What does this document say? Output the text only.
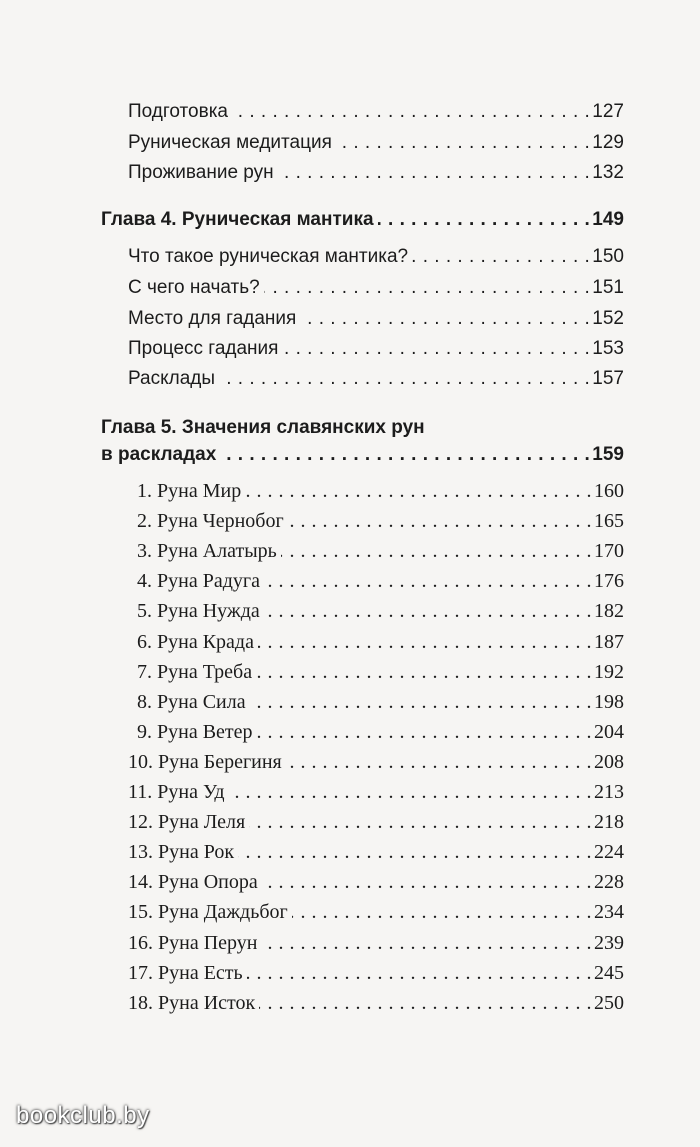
Подготовка . . .	127
Руническая медитация . . .	129
Проживание рун . . .	132
Глава 4. Руническая мантика . . .	149
Что такое руническая мантика? . . .	150
С чего начать? . . .	151
Место для гадания . . .	152
Процесс гадания . . .	153
Расклады . . .	157
Глава 5. Значения славянских рун
в раскладах . . .	159
1. Руна Мир . . .	160
2. Руна Чернобог . . .	165
3. Руна Алатырь . . .	170
4. Руна Радуга . . .	176
5. Руна Нужда . . .	182
6. Руна Крада . . .	187
7. Руна Треба . . .	192
8. Руна Сила . . .	198
9. Руна Ветер . . .	204
10. Руна Берегиня . . .	208
11. Руна Уд . . .	213
12. Руна Леля . . .	218
13. Руна Рок . . .	224
14. Руна Опора . . .	228
15. Руна Даждьбог . . .	234
16. Руна Перун . . .	239
17. Руна Есть . . .	245
18. Руна Исток . . .	250
bookclub.by
